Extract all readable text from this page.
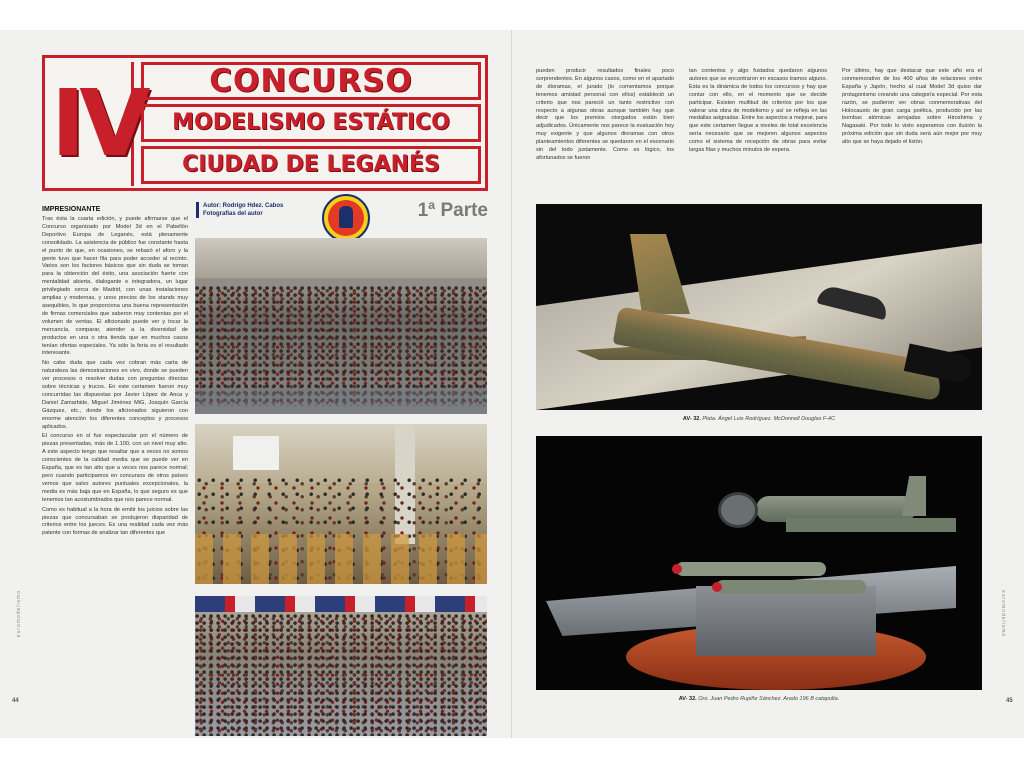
IV	CONCURSO
MODELISMO ESTÁTICO
CIUDAD DE LEGANÉS
Autor: Rodrigo Hdez. Cabos
Fotografías del autor	1ª Parte
IMPRESIONANTE

Tras ésta la cuarta edición, y puede afirmarse que el Concurso organizado por Model 3d en el Pabellón Deportivo Europa de Leganés, está plenamente consolidado. La asistencia de público fue constante hasta el punto de que, en ocasiones, se rebasó el aforo y la gente tuvo que hacer fila para poder acceder al recinto. Varios son los factores básicos que sin duda se toman para la obtención del éxito, una asociación fuerte con mentalidad abierta, dialogante e integradora, un lugar privilegiado cerca de Madrid, con unas instalaciones amplias y modernas, y unos precios de los stands muy asequibles, lo que proporciona una buena representación de firmas comerciales que saberon muy contentas por el volumen de ventas. El aficionado puede ver y tocar la mercancía, comparar, atender a la diversidad de productos en una o otra tienda que en muchos casos tenían ofertas especiales. Ya sólo la feria es el resultado interesante.

No cabe duda que cada vez cobran más carta de naturaleza las demostraciones en vivo, donde se pueden ver procesos o resolver dudas con preguntas directas sobre técnicas y trucos. En este certamen fueron muy concurridas las dispuestas por Javier López de Anca y Daniel Zamarbide, Miguel Jiménez MiG, Joaquín García Gázquez, etc., donde los aficionados siguieron con enorme atención los diferentes conceptos y procesos aplicados.

El concurso en sí fue espectacular por el número de piezas presentadas, más de 1.100, con un nivel muy alto. A este aspecto tengo que resaltar que a veces no somos conscientes de la calidad media que se puede ver en España, que es tan alto que a veces nos parece normal; pero cuando participamos en concursos de otros países vemos que salvo autores puntuales excepcionales, la media es más baja que en España, lo que seguro es que tenemos tan acostumbrados que nos parece normal.

Como es habitual a la hora de emitir los juicios sobre las piezas que concursaban se produjeron disparidad de criterios entre los jueces. Es una realidad cada vez más patente con formas de analizar tan diferentes que

44
euromodelismo
pueden producir resultados finales poco sorprendentes. En algunos casos, como en el apartado de dioramas, el jurado (lo comentamos porque tenemos amistad personal con ellos) estableció un criterio que nos pareció un tanto restrictivo con respecto a algunas obras aunque también hay que decir que los premios otorgados están bien adjudicados. Únicamente nos parece la evaluación hoy muy exigente y que algunos dioramas con otros planteamientos diferentes se quedaron en el escenario sin del todo justamente. Como es lógico, los afortunados se fueron
tan contentos y algo fustados quedaron algunos autores que se encontraron en escasos tramos alguno. Esta es la dinámica de todos los concursos y hay que contar con ello, en el momento que se decide participar. Existen multitud de criterios por los que valorar una obra de modelismo y así se refleja en las medallas asignadas. Entre los aspectos a mejorar, para que este certamen llegue a niveles de total excelencia sería necesario que se mejoren algunos aspectos como el sistema de recepción de obras para evitar largas filas y muchos minutos de espera.
Por último, hay que destacar que este año era el conmemorativo de los 400 años de relaciones entre España y Japón, hecho al cual Model 3d quiso dar protagonismo creando una categoría especial. Por esta razón, se pudieron ver obras conmemorativas del Holocausto de gran carga poética, producido por las bombas atómicas arrojadas sobre Hiroshima y Nagasaki. Por todo lo visto esperamos con ilusión la próxima edición que sin duda será aún mejor por muy alto que se haya dejado el listón.
AV- 32. Plata. Ángel Luis Rodríguez. McDonnell Douglas F-4C
AV- 32. Oro. Juan Pedro Rupiñe Sánchez. Arado 196 B catapulta.	45
euromodelismo
